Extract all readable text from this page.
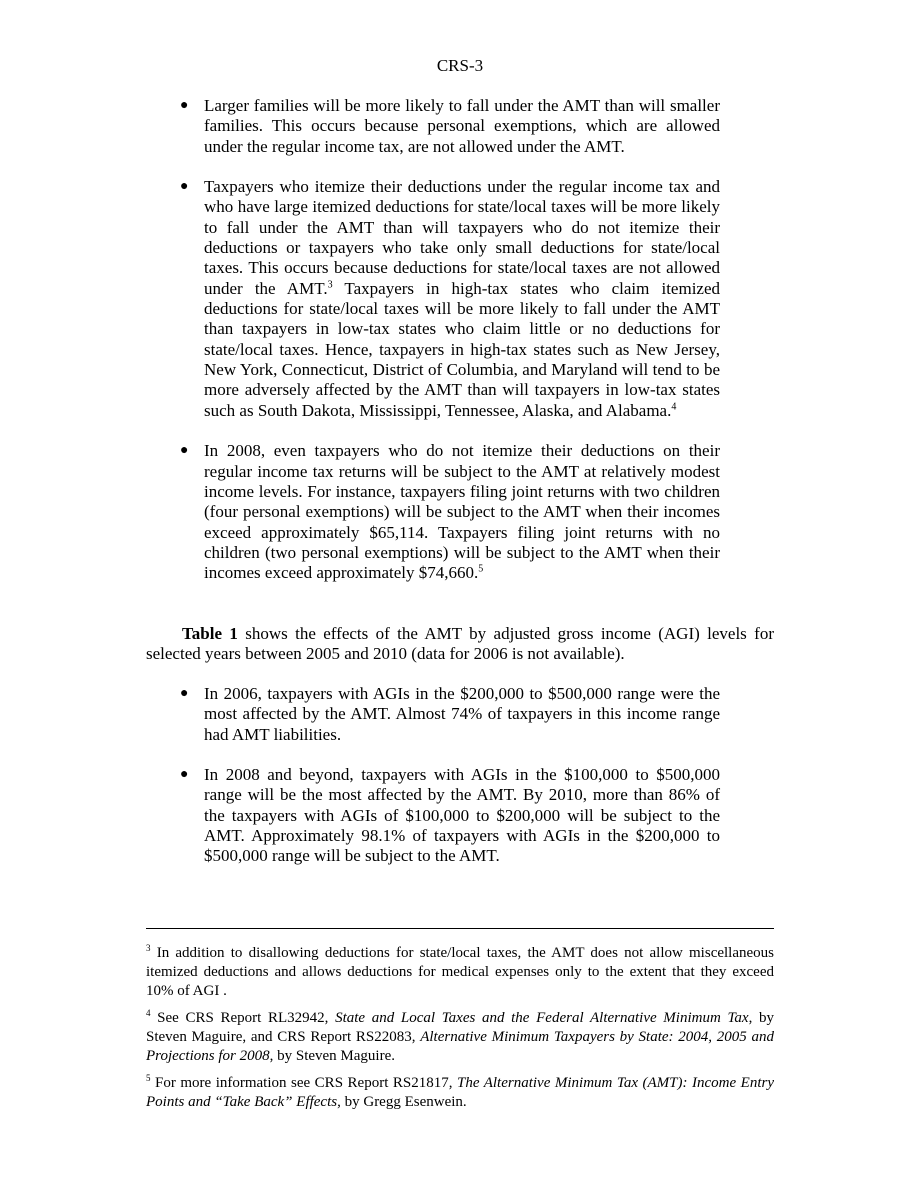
CRS-3
● Larger families will be more likely to fall under the AMT than will smaller families. This occurs because personal exemptions, which are allowed under the regular income tax, are not allowed under the AMT.
● Taxpayers who itemize their deductions under the regular income tax and who have large itemized deductions for state/local taxes will be more likely to fall under the AMT than will taxpayers who do not itemize their deductions or taxpayers who take only small deductions for state/local taxes. This occurs because deductions for state/local taxes are not allowed under the AMT.$^3$ Taxpayers in high-tax states who claim itemized deductions for state/local taxes will be more likely to fall under the AMT than taxpayers in low-tax states who claim little or no deductions for state/local taxes. Hence, taxpayers in high-tax states such as New Jersey, New York, Connecticut, District of Columbia, and Maryland will tend to be more adversely affected by the AMT than will taxpayers in low-tax states such as South Dakota, Mississippi, Tennessee, Alaska, and Alabama.$^4$
● In 2008, even taxpayers who do not itemize their deductions on their regular income tax returns will be subject to the AMT at relatively modest income levels. For instance, taxpayers filing joint returns with two children (four personal exemptions) will be subject to the AMT when their incomes exceed approximately $65,114. Taxpayers filing joint returns with no children (two personal exemptions) will be subject to the AMT when their incomes exceed approximately $74,660.$^5$

Table 1 shows the effects of the AMT by adjusted gross income (AGI) levels for selected years between 2005 and 2010 (data for 2006 is not available).

● In 2006, taxpayers with AGIs in the $200,000 to $500,000 range were the most affected by the AMT. Almost 74% of taxpayers in this income range had AMT liabilities.
● In 2008 and beyond, taxpayers with AGIs in the $100,000 to $500,000 range will be the most affected by the AMT. By 2010, more than 86% of the taxpayers with AGIs of $100,000 to $200,000 will be subject to the AMT. Approximately 98.1% of taxpayers with AGIs in the $200,000 to $500,000 range will be subject to the AMT.

$^3$ In addition to disallowing deductions for state/local taxes, the AMT does not allow miscellaneous itemized deductions and allows deductions for medical expenses only to the extent that they exceed 10% of AGI .

$^4$ See CRS Report RL32942, State and Local Taxes and the Federal Alternative Minimum Tax, by Steven Maguire, and CRS Report RS22083, Alternative Minimum Taxpayers by State: 2004, 2005 and Projections for 2008, by Steven Maguire.

$^5$ For more information see CRS Report RS21817, The Alternative Minimum Tax (AMT): Income Entry Points and “Take Back” Effects, by Gregg Esenwein.
